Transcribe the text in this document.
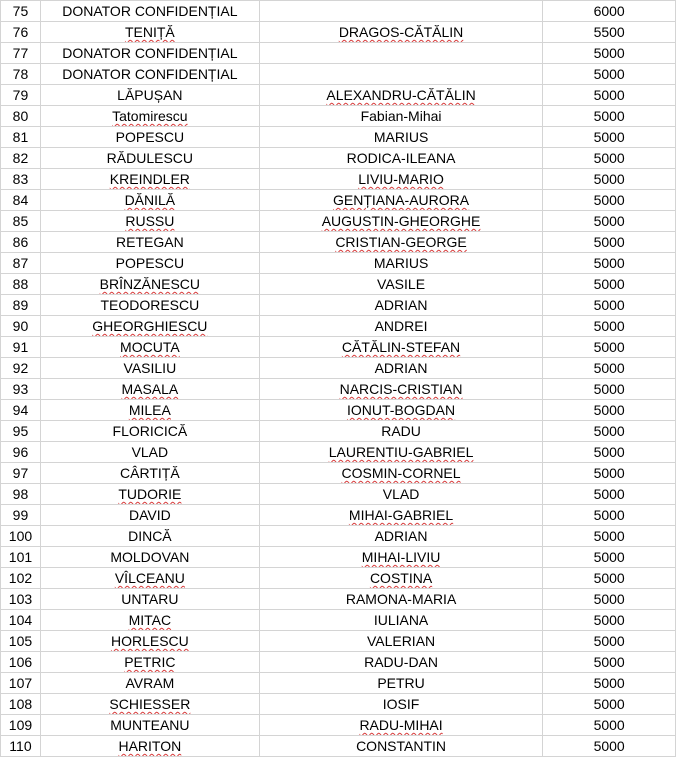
75	DONATOR CONFIDENȚIAL		6000
76	TENIȚĂ	DRAGOS-CĂTĂLIN	5500
77	DONATOR CONFIDENȚIAL		5000
78	DONATOR CONFIDENȚIAL		5000
79	LĂPUȘAN	ALEXANDRU-CĂTĂLIN	5000
80	Tatomirescu	Fabian-Mihai	5000
81	POPESCU	MARIUS	5000
82	RĂDULESCU	RODICA-ILEANA	5000
83	KREINDLER	LIVIU-MARIO	5000
84	DĂNILĂ	GENȚIANA-AURORA	5000
85	RUSSU	AUGUSTIN-GHEORGHE	5000
86	RETEGAN	CRISTIAN-GEORGE	5000
87	POPESCU	MARIUS	5000
88	BRÎNZĂNESCU	VASILE	5000
89	TEODORESCU	ADRIAN	5000
90	GHEORGHIESCU	ANDREI	5000
91	MOCUTA	CĂTĂLIN-STEFAN	5000
92	VASILIU	ADRIAN	5000
93	MASALA	NARCIS-CRISTIAN	5000
94	MILEA	IONUT-BOGDAN	5000
95	FLORICICĂ	RADU	5000
96	VLAD	LAURENTIU-GABRIEL	5000
97	CÂRTIȚĂ	COSMIN-CORNEL	5000
98	TUDORIE	VLAD	5000
99	DAVID	MIHAI-GABRIEL	5000
100	DINCĂ	ADRIAN	5000
101	MOLDOVAN	MIHAI-LIVIU	5000
102	VÎLCEANU	COSTINA	5000
103	UNTARU	RAMONA-MARIA	5000
104	MITAC	IULIANA	5000
105	HORLESCU	VALERIAN	5000
106	PETRIC	RADU-DAN	5000
107	AVRAM	PETRU	5000
108	SCHIESSER	IOSIF	5000
109	MUNTEANU	RADU-MIHAI	5000
110	HARITON	CONSTANTIN	5000
